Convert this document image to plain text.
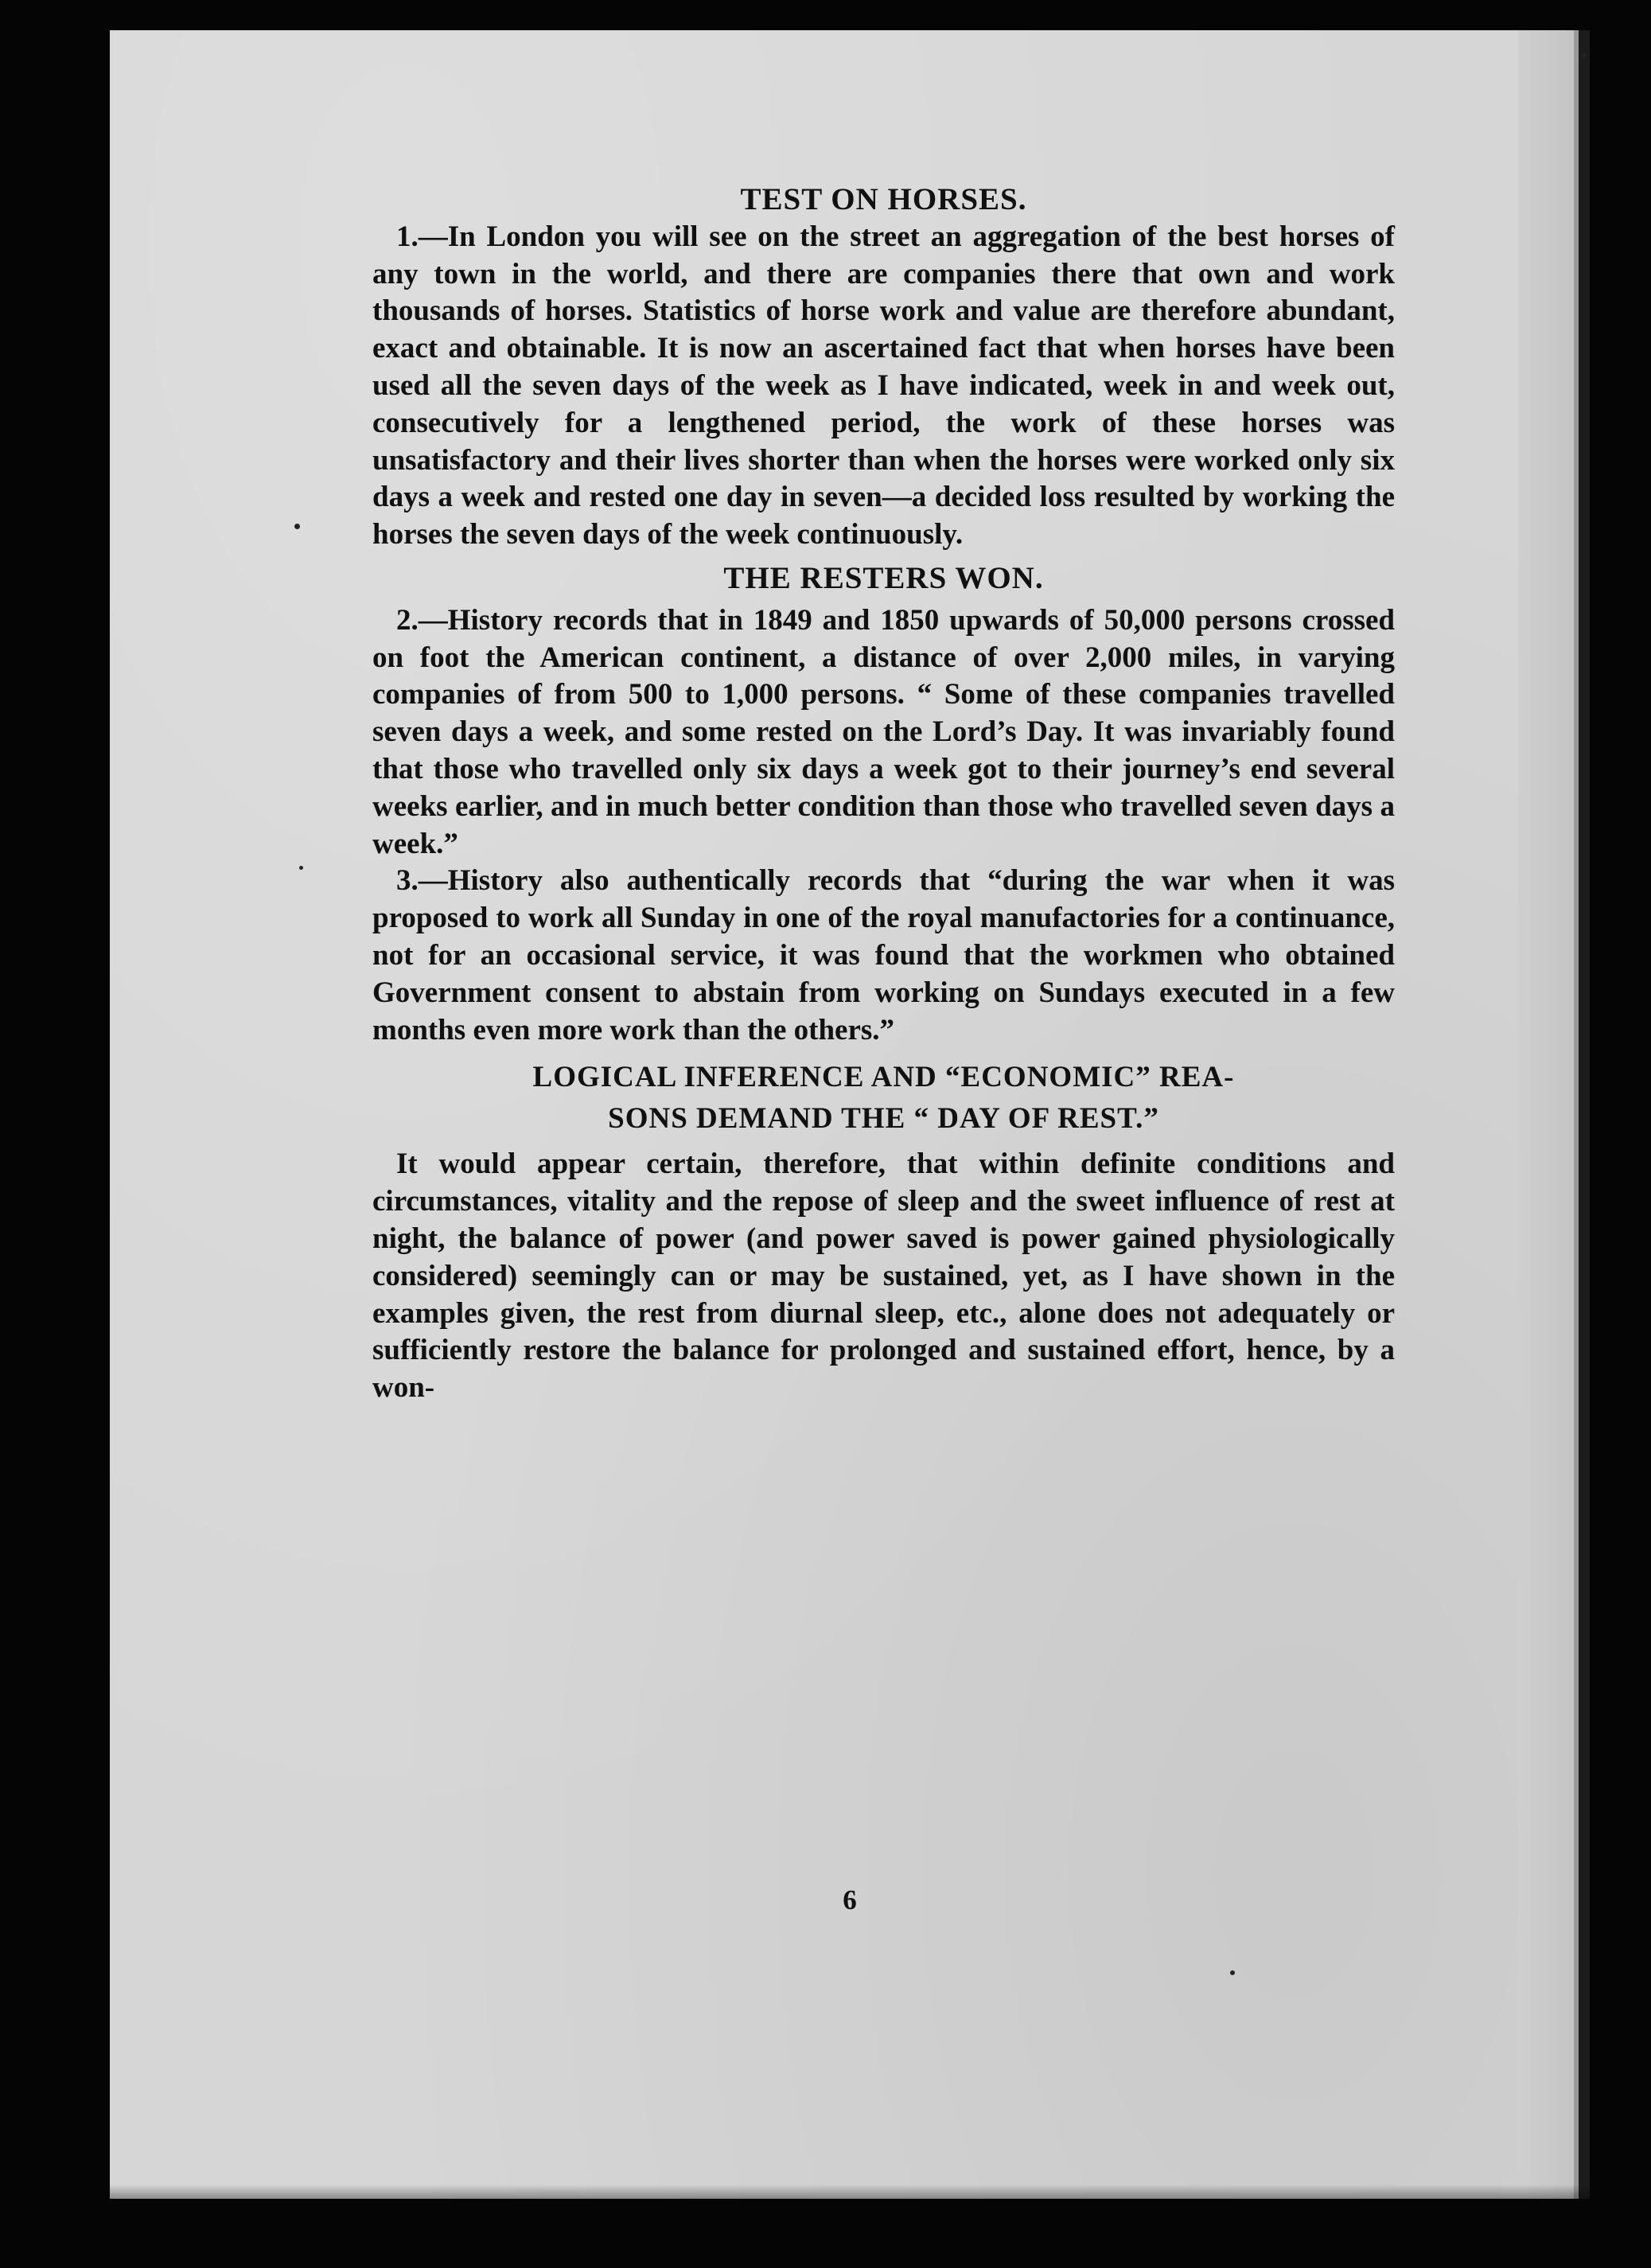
TEST ON HORSES.

1.—In London you will see on the street an aggregation of the best horses of any town in the world, and there are companies there that own and work thousands of horses. Statistics of horse work and value are therefore abundant, exact and obtainable. It is now an ascertained fact that when horses have been used all the seven days of the week as I have indicated, week in and week out, consecutively for a lengthened period, the work of these horses was unsatisfactory and their lives shorter than when the horses were worked only six days a week and rested one day in seven—a decided loss resulted by working the horses the seven days of the week continuously.

THE RESTERS WON.

2.—History records that in 1849 and 1850 upwards of 50,000 persons crossed on foot the American continent, a distance of over 2,000 miles, in varying companies of from 500 to 1,000 persons. “ Some of these companies travelled seven days a week, and some rested on the Lord’s Day. It was invariably found that those who travelled only six days a week got to their journey’s end several weeks earlier, and in much better condition than those who travelled seven days a week.”

3.—History also authentically records that “during the war when it was proposed to work all Sunday in one of the royal manufactories for a continuance, not for an occasional service, it was found that the workmen who obtained Government consent to abstain from working on Sundays executed in a few months even more work than the others.”

LOGICAL INFERENCE AND “ECONOMIC” REA-
SONS DEMAND THE “ DAY OF REST.”

It would appear certain, therefore, that within definite conditions and circumstances, vitality and the repose of sleep and the sweet influence of rest at night, the balance of power (and power saved is power gained physiologically considered) seemingly can or may be sustained, yet, as I have shown in the examples given, the rest from diurnal sleep, etc., alone does not adequately or sufficiently restore the balance for prolonged and sustained effort, hence, by a won-

6
